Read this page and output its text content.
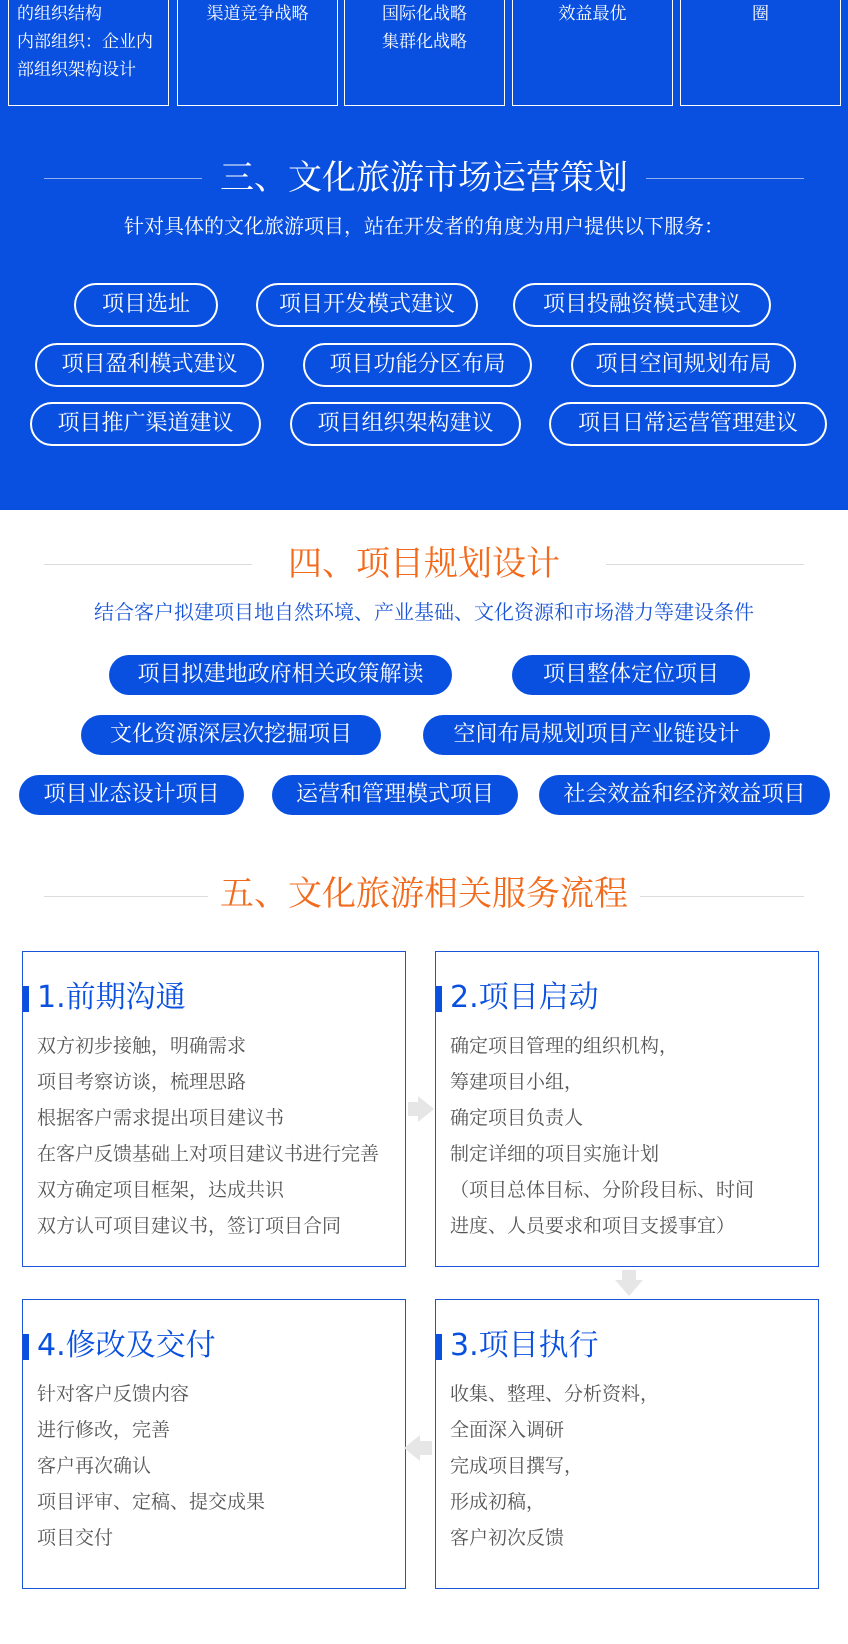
的组织结构
内部组织：企业内
部组织架构设计
渠道竞争战略	国际化战略
集群化战略
效益最优	圈
三、文化旅游市场运营策划
针对具体的文化旅游项目，站在开发者的角度为用户提供以下服务：
项目选址	项目开发模式建议	项目投融资模式建议
项目盈利模式建议	项目功能分区布局	项目空间规划布局
项目推广渠道建议	项目组织架构建议	项目日常运营管理建议
四、项目规划设计
结合客户拟建项目地自然环境、产业基础、文化资源和市场潜力等建设条件
项目拟建地政府相关政策解读	项目整体定位项目
文化资源深层次挖掘项目	空间布局规划项目产业链设计
项目业态设计项目	运营和管理模式项目	社会效益和经济效益项目
五、文化旅游相关服务流程
1.前期沟通
双方初步接触，明确需求
项目考察访谈，梳理思路
根据客户需求提出项目建议书
在客户反馈基础上对项目建议书进行完善
双方确定项目框架，达成共识
双方认可项目建议书，签订项目合同
2.项目启动
确定项目管理的组织机构，
筹建项目小组，
确定项目负责人
制定详细的项目实施计划
（项目总体目标、分阶段目标、时间
进度、人员要求和项目支援事宜）
4.修改及交付
针对客户反馈内容
进行修改，完善
客户再次确认
项目评审、定稿、提交成果
项目交付
3.项目执行
收集、整理、分析资料，
全面深入调研
完成项目撰写，
形成初稿，
客户初次反馈
